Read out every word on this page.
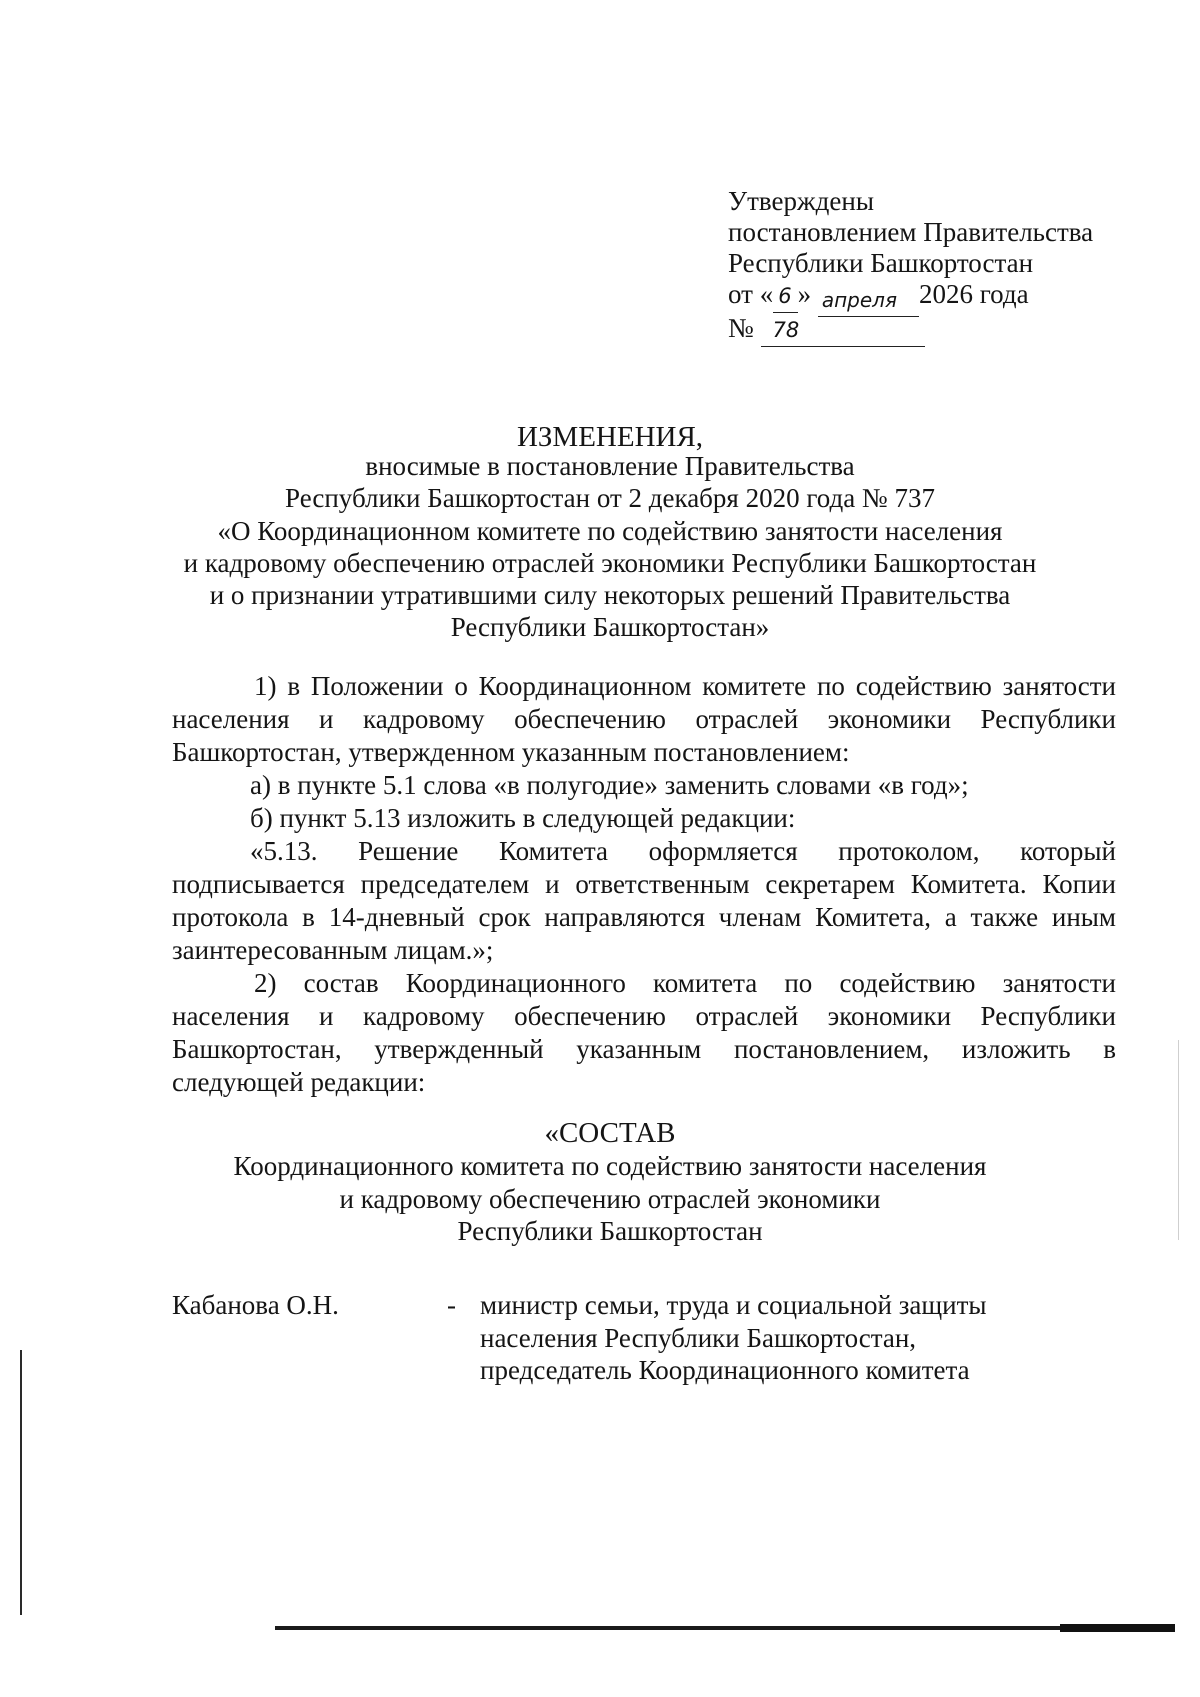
Утверждены
постановлением Правительства
Республики Башкортостан
от « 6 » апреля 2026 года
№ 78
ИЗМЕНЕНИЯ,
вносимые в постановление Правительства
Республики Башкортостан от 2 декабря 2020 года № 737
«О Координационном комитете по содействию занятости населения
и кадровому обеспечению отраслей экономики Республики Башкортостан
и о признании утратившими силу некоторых решений Правительства
Республики Башкортостан»
1) в Положении о Координационном комитете по содействию занятости населения и кадровому обеспечению отраслей экономики Республики Башкортостан, утвержденном указанным постановлением:
а) в пункте 5.1 слова «в полугодие» заменить словами «в год»;
б) пункт 5.13 изложить в следующей редакции:
«5.13. Решение Комитета оформляется протоколом, который подписывается председателем и ответственным секретарем Комитета. Копии протокола в 14-дневный срок направляются членам Комитета, а также иным заинтересованным лицам.»;
2) состав Координационного комитета по содействию занятости населения и кадровому обеспечению отраслей экономики Республики Башкортостан, утвержденный указанным постановлением, изложить в следующей редакции:
«СОСТАВ
Координационного комитета по содействию занятости населения
и кадровому обеспечению отраслей экономики
Республики Башкортостан
Кабанова О.Н.	- министр семьи, труда и социальной защиты
населения Республики Башкортостан,
председатель Координационного комитета
